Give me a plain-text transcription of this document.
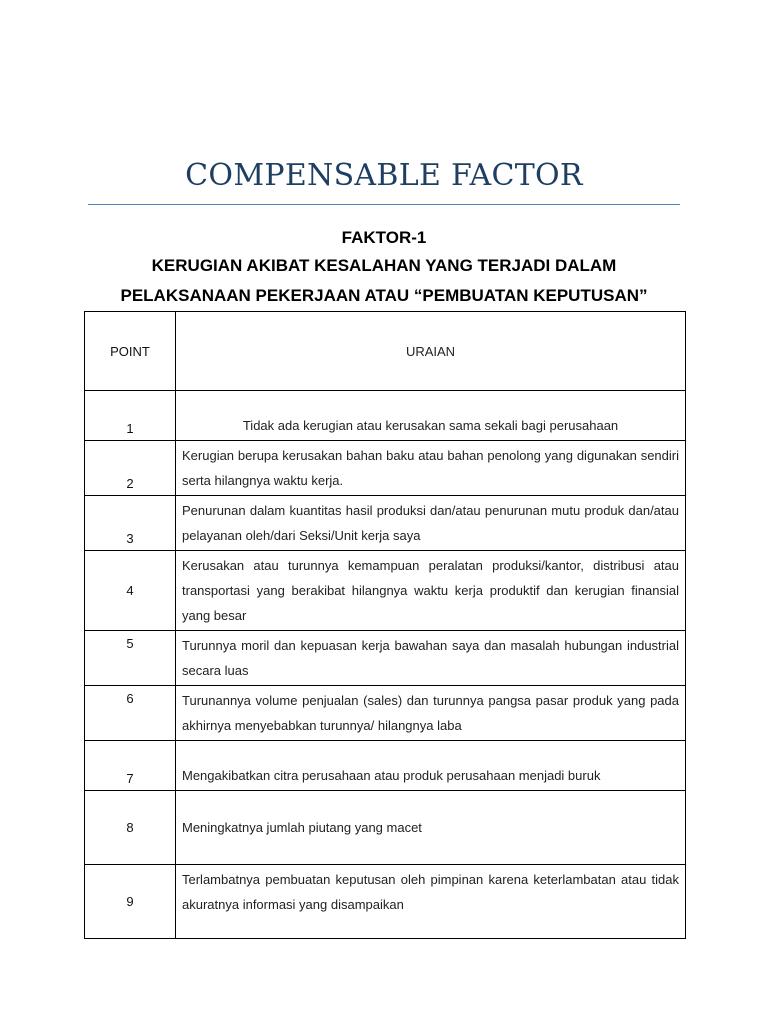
COMPENSABLE FACTOR
FAKTOR-1
KERUGIAN AKIBAT KESALAHAN YANG TERJADI DALAM
PELAKSANAAN PEKERJAAN ATAU “PEMBUATAN KEPUTUSAN”
POINT	URAIAN
1	Tidak ada kerugian atau kerusakan sama sekali bagi perusahaan
2	Kerugian berupa kerusakan bahan baku atau bahan penolong yang digunakan sendiri serta hilangnya waktu kerja.
3	Penurunan dalam kuantitas hasil produksi dan/atau penurunan mutu produk dan/atau pelayanan oleh/dari Seksi/Unit kerja saya
4	Kerusakan atau turunnya kemampuan peralatan produksi/kantor, distribusi atau transportasi yang berakibat hilangnya waktu kerja produktif dan kerugian finansial yang besar
5	Turunnya moril dan kepuasan kerja bawahan saya dan masalah hubungan industrial secara luas
6	Turunannya volume penjualan (sales) dan turunnya pangsa pasar produk yang pada akhirnya menyebabkan turunnya/ hilangnya laba
7	Mengakibatkan citra perusahaan atau produk perusahaan menjadi buruk
8	Meningkatnya jumlah piutang yang macet
9	Terlambatnya pembuatan keputusan oleh pimpinan karena keterlambatan atau tidak akuratnya informasi yang disampaikan
